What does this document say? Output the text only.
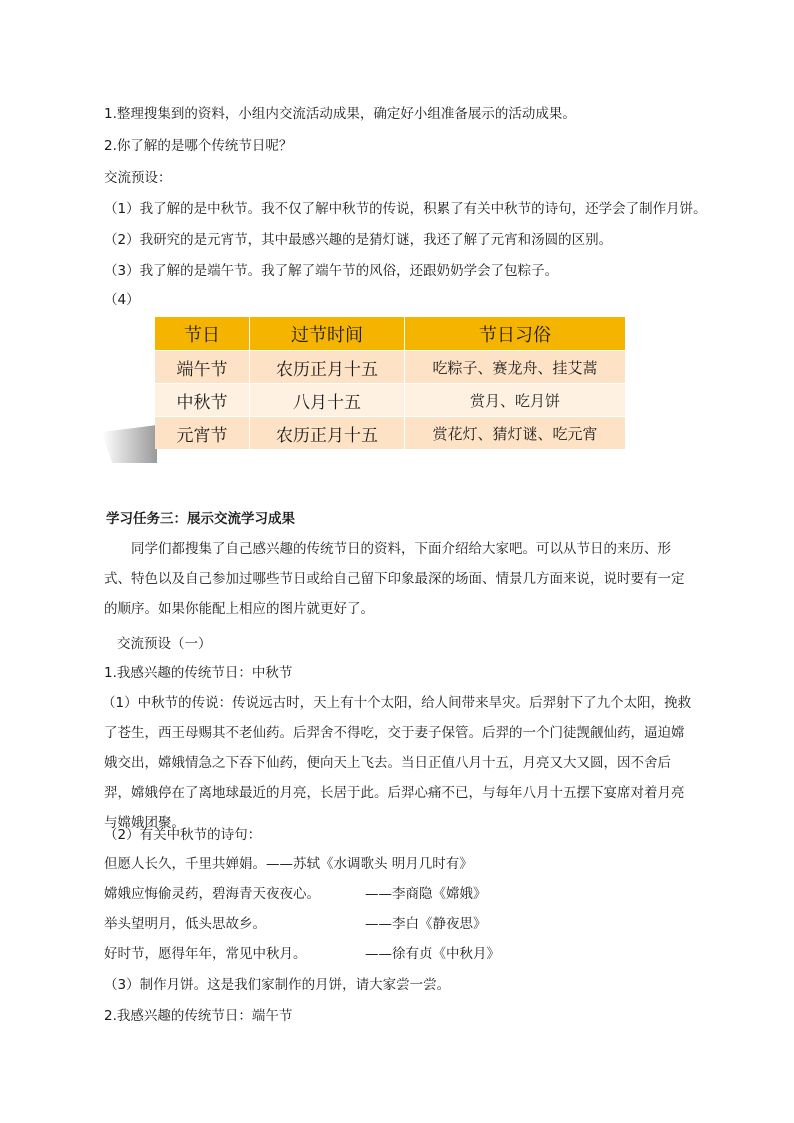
1.整理搜集到的资料，小组内交流活动成果，确定好小组准备展示的活动成果。
2.你了解的是哪个传统节日呢？
交流预设：
（1）我了解的是中秋节。我不仅了解中秋节的传说，积累了有关中秋节的诗句，还学会了制作月饼。
（2）我研究的是元宵节，其中最感兴趣的是猜灯谜，我还了解了元宵和汤圆的区别。
（3）我了解的是端午节。我了解了端午节的风俗，还跟奶奶学会了包粽子。
（4）
节日	过节时间	节日习俗
端午节	农历正月十五	吃粽子、赛龙舟、挂艾蒿
中秋节	八月十五	赏月、吃月饼
元宵节	农历正月十五	赏花灯、猜灯谜、吃元宵
学习任务三：展示交流学习成果
同学们都搜集了自己感兴趣的传统节日的资料，下面介绍给大家吧。可以从节日的来历、形式、特色以及自己参加过哪些节日或给自己留下印象最深的场面、情景几方面来说，说时要有一定的顺序。如果你能配上相应的图片就更好了。
交流预设（一）
1.我感兴趣的传统节日：中秋节
（1）中秋节的传说：传说远古时，天上有十个太阳，给人间带来旱灾。后羿射下了九个太阳，挽救了苍生，西王母赐其不老仙药。后羿舍不得吃，交于妻子保管。后羿的一个门徒觊觎仙药，逼迫嫦娥交出，嫦娥情急之下吞下仙药，便向天上飞去。当日正值八月十五，月亮又大又圆，因不舍后羿，嫦娥停在了离地球最近的月亮，长居于此。后羿心痛不已，与每年八月十五摆下宴席对着月亮与嫦娥团聚。
（2）有关中秋节的诗句：
但愿人长久，千里共婵娟。——苏轼《水调歌头 明月几时有》
嫦娥应悔偷灵药，碧海青天夜夜心。	——李商隐《嫦娥》
举头望明月，低头思故乡。	——李白《静夜思》
好时节，愿得年年，常见中秋月。	——徐有贞《中秋月》
（3）制作月饼。这是我们家制作的月饼，请大家尝一尝。
2.我感兴趣的传统节日：端午节
